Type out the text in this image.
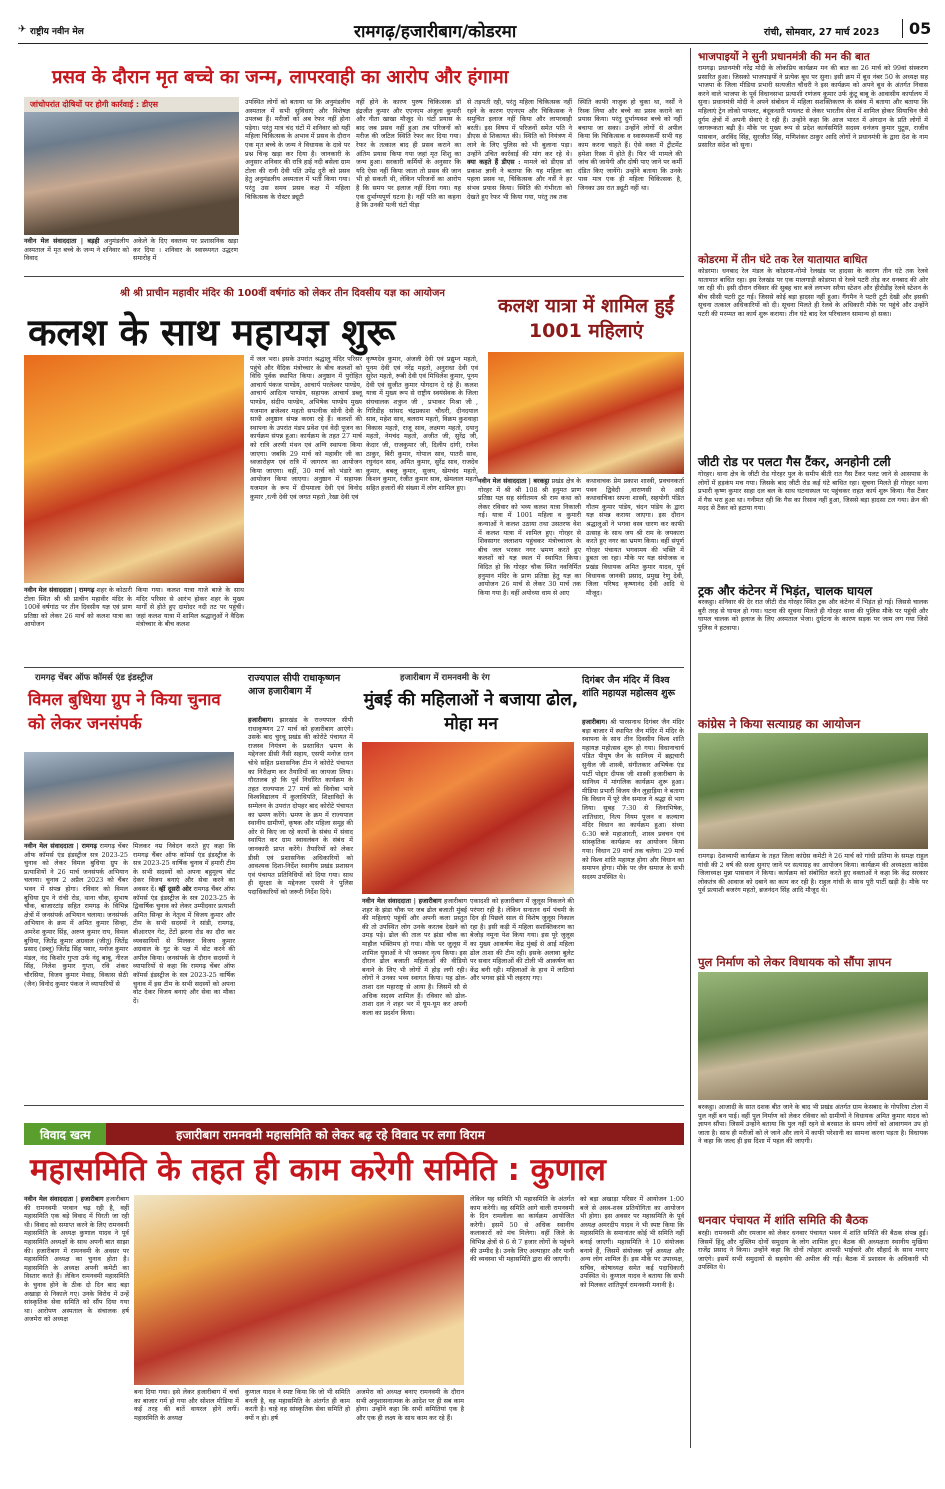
✈ राष्ट्रीय नवीन मेल	रामगढ़/हजारीबाग/कोडरमा	रांची, सोमवार, 27 मार्च 2023	05
प्रसव के दौरान मृत बच्चे का जन्म, लापरवाही का आरोप और हंगामा
जांचोपरांत दोषियों पर होगी कार्रवाई : डीएस
नवीन मेल संवाददाता | बड़ही अनुमंडलीय अस्पताल में मृत बच्चे के जन्म ने शनिवार को विवाद
अकेले के दिए वक्तव्य पर प्रशासनिक खड़ा कर दिया । शनिवार के स्वास्थ्यगत उद्धरण समारोह में
उपस्थित लोगों को बताया था कि अनुमंडलीय अस्पताल में सभी सुविधाएं और विशेषज्ञ उपलब्ध हैं। मरीजों को अब रेफर नहीं होना पड़ेगा। परंतु मात्र चंद घंटों में शनिवार को यहीं महिला चिकित्सक के अभाव में प्रसव के दौरान एक मृत बच्चे के जन्म ने विधायक के दावे पर प्रश्न चिन्ह खड़ा कर दिया है। जानकारी के अनुसार शनिवार की रात्रि हाई नदी बसेला ग्राम टोला की रानी देवी पति उपेंद्र दुरी को प्रसव हेतु अनुमंडलीय अस्पताल में भर्ती किया गया। परंतु उस समय प्रसव कक्ष में महिला चिकित्सक के रोस्टर ड्यूटी
नहीं होने के कारण पुरुष चिकित्सक डॉ इंद्रजीत कुमार और एएनएम अंजुला कुमारी और नीता खाखा मौजूद थे। घंटों प्रयास के बाद जब प्रसव नहीं हुआ तब परिजनों को मरीज की जटिल स्थिति रेफर कर दिया गया। रेफर के तत्काल बाद ही प्रसव कराने का अंतिम प्रयास किया गया जहां मृत शिशु का जन्म हुआ। सरकारी कर्मियों के अनुसार कि यदि ऐसा नहीं किया जाता तो प्रसव की जान भी हो सकती थी, लेकिन परिजनों का आरोप है कि समय पर इलाज नहीं दिया गया। यह एक दुर्भाग्यपूर्ण घटना है। नहीं पति का कहना है कि उनकी पत्नी घंटों पीड़ा
से तड़पती रही, परंतु महिला चिकित्सक नहीं रहने के कारण एएनएम और चिकित्सक ने समुचित इलाज नहीं किया और लापरवाही बरती। इस विषय में परिजनों समेत पति ने डीएस से शिकायत की। स्थिति को नियंत्रण में लाने के लिए पुलिस को भी बुलाना पड़ा। उन्होंने उचित कार्रवाई की मांग कर रहे थे। क्या कहते हैं डीएस : मामले को डीएस डॉ प्रकाश ज्ञानी ने बताया कि यह महिला का पहला प्रसव था, चिकित्सक और नर्सें ने हर संभव प्रयास किया। स्थिति की गंभीरता को देखते हुए रेफर भी किया गया, परंतु तब तक
स्थिति काफी नाजुक हो चुका था, नर्सों ने रिस्क लिया और बच्चे का प्रसव कराने का प्रयास किया। परंतु दुर्भाग्यवश बच्चे को नहीं बचाया जा सका। उन्होंने लोगों से अपील किया कि चिकित्सक व स्वास्थ्यकर्मी सभी यह काम करना चाहते हैं। ऐसे वक्त में ट्रीटमेंट हमेशा रिस्क में होते हैं। फिर भी मामले की जांच की जायेगी और दोषी पाए जाने पर कर्मी दंडित किए जायेंगे। उन्होंने बताया कि उनके पास मात्र एक ही महिला चिकित्सक है, जिनका उस रात ड्यूटी नहीं था।
श्री श्री प्राचीन महावीर मंदिर की 100वीं वर्षगांठ को लेकर तीन दिवसीय यज्ञ का आयोजन
कलश के साथ महायज्ञ शुरू
कलश यात्रा में शामिल हुईं 1001 महिलाएं
में जल भरा। इसके उपरांत श्रद्धालु मंदिर परिसर पहुंचे और वैदिक मंत्रोच्चार के बीच कलशों को विधि पूर्वक स्थापित किया। अनुष्ठान में पुरोहित आचार्य पंकज पाण्डेय, आचार्य परलेश्वर पाण्डेय, आचार्य आदित्य पाण्डेय, सहायक आचार्य डब्लू पाण्डेय, संदीप पाण्डेय, अभिषेक पाण्डेय मुख्य यजमान ब्रजेश्वर महतो सपत्नीक सोनी देवी के साथी अनुष्ठान संपन्न करवा रहे हैं। कलशों की स्थापना के उपरांत मंडप प्रवेश एवं वेदी पूजन का कार्यक्रम संपन्न हुआ। कार्यक्रम के तहत 27 मार्च को रात्रि अरणी मंथन एवं अग्नि स्थापना किया जाएगा। जबकि 29 मार्च को महावीर जी का ध्वजारोहण एवं रात्रि में जागरण का आयोजन किया जाएगा। वहीं, 30 मार्च को भंडारे का आयोजन किया जाएगा। अनुष्ठान में सहायक यजमान के रूप में दीपमाला देवी एवं विनोद कुमार ,रत्नी देवी एवं जगत महतो ,रेखा देवी एवं
कृष्णदेव कुमार, अंजली देवी एवं प्रद्युम्न महतो, पूनम देवी एवं नरेंद्र महतो, अनुराधा देवी एवं सुरेश महतो, रूबी देवी एवं मिथिलेश कुमार, पूनम देवी एवं सुजीत कुमार योगदान दे रहे हैं। कलश यात्रा में मुख्य रूप से राष्ट्रीय स्वयंसेवक के जिला संघचालक शत्रुघ्न जी , प्रभाकर मिश्रा जी , गिरिडीह सांसद चंद्रप्रकाश चौधरी, दीनदयाल साव, महेश साव, बलराम महतो, विक्रम कुशवाहा विकास महतो, राजू साव, लक्ष्मण महतो, दयानु महतो, नेमचंद महतो, अजीत जी, सुरेंद्र जी, केदार जी, राजकुमार जी, दिलीप दांगी, रानेश ठाकुर, बिरी कुमार, गोपाल साव, पातरी साव, रघुनंदन साव, अमित कुमार, सुरेंद्र साव, राजदेव कुमार, बबलू कुमार, सुजय, खेमचंद महतो, किशन कुमार, रंजीत कुमार साव, खेमलाल महतो सहित हजारों की संख्या में लोग शामिल हुए।
नवीन मेल संवाददाता | रामगढ़ शहर के कोठारी टोला स्थित श्री श्री प्राचीन महावीर मंदिर के 100वें वर्षगांठ पर तीन दिवसीय यज्ञ एवं प्राण प्रतिष्ठा को लेकर 26 मार्च को कलश यात्रा का आयोजन
किया गया। कलश यात्रा गाजे बाजे के साथ मंदिर परिसर से आरंभ होकर शहर के मुख्य मार्गों से होते हुए दामोदर नदी तट पर पहुंची। जहां कलश यात्रा में शामिल श्रद्धालुओं ने वैदिक मंत्रोच्चार के बीच कलश
नवीन मेल संवाददाता | बरकट्ठा प्रखंड क्षेत्र के गोरहर में श्री श्री 108 श्री हनुमत प्राण प्रतिष्ठा यज्ञ सह संगीतमय श्री राम कथा को लेकर रविवार को भव्य कलश यात्रा निकाली गई। यात्रा में 1001 महिला व कुमारी कन्याओं ने कलश उठाया तथा उसतरफ वेश में कलश यात्रा में शामिल हुए। गोरहर से शिवसागर जलाशय पहुंचकर मंत्रोच्चारण के बीच जल भरकर नगर भ्रमण करते हुए कलशों को यज्ञ स्थल में स्थापित किया। विदित हो कि गोरहर चौक स्थित नवनिर्मित हनुमान मंदिर के प्राण प्रतिष्ठा हेतु यज्ञ का आयोजन 26 मार्च से लेकर 30 मार्च तक किया गया है। वहीं अयोध्या धाम से आए
कथावाचक प्रेम प्रकाश शास्त्री, प्रवचनकर्ता पवन द्विवेदी ,वाराणसी से आई कथावाचिका सपना शास्त्री, सहयोगी पंडित गौतम कुमार पांडेय, चंदन पांडेय के द्वारा यज्ञ संपन्न कराया जाएगा। इस दौरान श्रद्धालुओं ने भगवा वस्त्र धारण कर काफी उत्साह के साथ जय श्री राम के जयकारा करते हुए नगर का भ्रमण किया। वहीं संपूर्ण गोरहर पंचायत भगवामय की भक्ति में डूबता जा रहा। मौके पर यज्ञ संयोजक व प्रखंड विधायक अमित कुमार यादव, पूर्व विधायक जानकी प्रसाद, प्रमुख रेणु देवी, जिला परिषद कृष्णानंद देवी आदि थे मौजूद।
रामगढ़ चेंबर ऑफ कॉमर्स एंड इंडस्ट्रीज
विमल बुधिया ग्रुप ने किया चुनाव को लेकर जनसंपर्क
नवीन मेल संवाददाता | रामगढ़ रामगढ़ चेंबर ऑफ कॉमर्स एंड इंडस्ट्रीज सत्र 2023-25 चुनाव को लेकर विमल बुधिया ग्रुप के प्रत्याशियों ने 26 मार्च जनसंपर्क अभियान चलाया। चुनाव 2 अप्रैल 2023 को चैंबर भवन में संपन्न होगा। रविवार को विमल बुधिया ग्रुप ने रांची रोड, थाना चौक, सुभाष चौक, बाजारटांड़ सहित रामगढ़ के विभिन्न क्षेत्रों में जनसंपर्क अभियान चलाया। जनसंपर्क अभियान के क्रम में अमित कुमार सिन्हा, अमरेश कुमार सिंह, अरुण कुमार राय, विमल बुधिया, जितेंद्र कुमार अग्रवाल (जीतू) जितेंद्र प्रसाद (डब्लू) जितेंद्र सिंह पवार, मनोज कुमार मंडल, नंद किशोर गुप्ता उर्फ नंदू बाबू, नीरज सिंह, निलेश कुमार गुप्ता, रवि शंकर चौरसिया, विजय कुमार मेवाड़, विकास सेठी (जैन) विनोद कुमार पंकज ने व्यापारियों से
मिलकर नम्र निवेदन करते हुए कहा कि रामगढ़ चैंबर ऑफ कॉमर्स एंड इंडस्ट्रीज के सत्र 2023-25 वार्षिक चुनाव में हमारी टीम के सभी सदस्यों को अपना बहुमूल्य वोट देकर विजय बनाएं और सेवा करने का अवसर दें। व्हीं दूसरी ओर रामगढ़ चैंबर ऑफ कॉमर्स एंड इंडस्ट्रीज के सत्र 2023-25 के द्विवार्षिक चुनाव को लेकर उम्मीदवार प्रत्याशी अमित सिन्हा के नेतृत्व में विजय कुमार और टीम के सभी सदस्यों ने सांडी, रामगढ़, बीआरएन गेट, टेंटों झरना रोड का दौरा कर व्यवसायियों से मिलकर विजय कुमार अग्रवाल के गुट के पक्ष में वोट करने की अपील किया। जनसंपर्क के दौरान सदस्यों ने व्यापारियों से कहा कि रामगढ़ चेंबर ऑफ कॉमर्स इंडस्ट्रीज के सत्र 2023-25 वार्षिक चुनाव में इस टीम के सभी सदस्यों को अपना वोट देकर विजय बनाएं और सेवा का मौका दें।
राज्यपाल सीपी राधाकृष्णन आज हजारीबाग में
हजारीबाग। झारखंड के राज्यपाल सीपी राधाकृष्णन 27 मार्च को हजारीबाग आएंगे। उसके बाद चुरचू प्रखंड की कोरोटे पंचायत में राजस्व नियंत्रण के प्रस्तावित भ्रमण के मद्देनजर डीसी नैंसी सहाय, एसपी मनोज रतन चोथे सहित प्रशासनिक टीम ने कोरोटे पंचायत का निरीक्षण कर तैयारियों का जायजा लिया। गौरतलब हो कि पूर्व निर्धारित कार्यक्रम के तहत राज्यपाल 27 मार्च को विनोबा भावे विश्वविद्यालय में कुलाधिपति, शिक्षाविदों के सम्मेलन के उपरांत दोपहर बाद कोरोटे पंचायत का भ्रमण करेंगे। भ्रमण के क्रम में राज्यपाल स्थानीय ग्रामीणों, कृषक और महिला समूह की ओर से किए जा रहे कार्यों के संबंध में संवाद स्थापित कर ग्राम स्वावलंबन के संबंध में जानकारी प्राप्त करेंगे। तैयारियों को लेकर डीसी एवं प्रशासनिक अधिकारियों को आवश्यक दिशा-निर्देश स्थानीय प्रखंड प्रशासन एवं पंचायत प्रतिनिधियों को दिया गया। साथ ही सुरक्षा के मद्देनजर एसपी ने पुलिस पदाधिकारियों को जरूरी निर्देश दिये।
हजारीबाग में रामनवमी के रंग
मुंबई की महिलाओं ने बजाया ढोल, मोहा मन
नवीन मेल संवाददाता | हजारीबाग हजारीबाग शहर के झंडा चौक पर जब ढोल बजाती मुंबई की महिलाएं पहुंचीं और अपनी कला प्रस्तुत की तो उपस्थित लोग उनके करतब देखने को उमड़ पड़े। ढोल की ताल पर झंडा चौक का माहौल भक्तिमय हो गया। मौके पर जुलूस में शामिल युवाओं ने भी जमकर नृत्य किया। इस दौरान ढोल बजाती महिलाओं की वीडियो बनाने के लिए भी लोगों में होड़ लगी रही। लोगों ने उनका भव्य स्वागत किया। यह ढोल-ताशा दल महाराष्ट्र से आया है। जिसमें सौ से अधिक सदस्य शामिल हैं। रविवार को ढोल-ताशा दल ने शहर भर में घूम-घूम कर अपनी कला का प्रदर्शन किया।
एकादशी को हजारीबाग में जुलूस निकलने की परंपरा रही है। लेकिन सनातन धर्म पंचमी के दिन ही पिछले साल से विशेष जुलूस निकाल रहा है। इसी कड़ी में महिला सशक्तिकरण का बेजोड़ नमूना पेश किया गया। इस पूरे जुलूस का मुख्य आकर्षण केंद्र मुंबई से आई महिला ढोल ताशा की टीम रही। इसके अलावा बुलेट पर सवार महिलाओं की टोली भी आकर्षण का केंद्र बनी रही। महिलाओं के हाथ में लाठियां और भगवा झंडे भी लहराए गए।
दिगंबर जैन मंदिर में विश्व शांति महायज्ञ महोत्सव शुरू
हजारीबाग। श्री पारसनाथ दिगंबर जैन मंदिर बड़ा बाजार में स्थापित जैन मंदिर में मंदिर के स्थापना के साथ तीन दिवसीय विश्व शांति महायज्ञ महोत्सव शुरू हो गया। विधानाचार्य पंडित पीयूष जैन के सानिध्य में ब्रह्मचारी सुनील जी शास्त्री, संगीतकार अभिषेक एंड पार्टी पोद्दार दीपक जी शास्त्री हजारीबाग के सानिध्य में मांगलिक कार्यक्रम शुरू हुआ। मीडिया प्रभारी विजय जैन लुहाड़िया ने बताया कि विधान में पूरे जैन समाज ने श्रद्धा से भाग लिया। सुबह 7:30 से जिनाभिषेक, शांतिधारा, नित्य नियम पूजन व कल्याण मंदिर विधान का कार्यक्रम हुआ। संध्या 6:30 बजे महाआरती, शास्त्र प्रवचन एवं सांस्कृतिक कार्यक्रम का आयोजन किया गया। विधान 29 मार्च तक चलेगा। 29 मार्च को विश्व शांति महायज्ञ होगा और विधान का समापन होगा। मौके पर जैन समाज के सभी सदस्य उपस्थित थे।
विवाद खत्म	हजारीबाग रामनवमी महासमिति को लेकर बढ़ रहे विवाद पर लगा विराम
महासमिति के तहत ही काम करेगी समिति : कुणाल
नवीन मेल संवाददाता | हजारीबाग हजारीबाग की रामनवमी परवान चढ़ रही है, वहीं महासमिति एक बड़े विवाद में घिरती जा रही थी। विवाद को समाप्त करने के लिए रामनवमी महासमिति के अध्यक्ष कुणाल यादव ने पूर्व महासमिति अध्यक्षों के साथ अपनी बात साझा की। हजारीबाग में रामनवमी के अवसर पर महासमिति अध्यक्ष का चुनाव होता है। महासमिति के अध्यक्ष अपनी कमेटी का विस्तार करते हैं। लेकिन रामनवमी महासमिति के चुनाव होने के ठीक दो दिन बाद बड़ा अखाड़ा से निकाले गए। उनके विरोध में उन्हें सांस्कृतिक सेवा समिति को सौंप दिया गया था। आरोपण अस्पताल के संचालक हर्ष अजमेरा को अध्यक्ष
बना दिया गया। इसे लेकर हजारीबाग में चर्चा का बाजार गर्म हो गया और सोशल मीडिया में कई तरह की बातें वायरल होने लगीं। महासमिति के अध्यक्ष
कुणाल यादव ने स्पष्ट किया कि जो भी समिति बनती है, वह महासमिति के अंतर्गत ही काम करती है। चाहे वह सांस्कृतिक सेवा समिति हो क्यों न हो। हर्ष
अजमेरा को अध्यक्ष बनाए रामनवमी के दौरान सभी अनुशासनात्मक के आदेश पर ही सब काम होगा। उन्होंने कहा कि सभी समितियां एक है और एक ही लक्ष्य के साथ काम कर रहे हैं।
लेकिन यह समिति भी महासमिति के अंतर्गत काम करेगी। वह समिति आगे वाली रामनवमी के दिन रामलीला का कार्यक्रम आयोजित करेगी। इसमें 50 से अधिक स्थानीय कलाकारों को मंच मिलेगा। वहीं जिले के विभिन्न क्षेत्रों से 6 से 7 हजार लोगों के पहुंचने की उम्मीद है। उनके लिए अल्पाहार और पानी की व्यवस्था भी महासमिति द्वारा की जाएगी।
को बड़ा अखाड़ा परिसर में आयोजन 1:00 बजे से अस्त्र-शस्त्र प्रतियोगिता का आयोजन भी होगा। इस अवसर पर महासमिति के पूर्व अध्यक्ष अमरदीप यादव ने भी स्पष्ट किया कि महासमिति के समानांतर कोई भी समिति नहीं बनाई जाएगी। महासमिति ने 10 संयोजक बनाये हैं, जिसमें संयोजक पूर्व अध्यक्ष और अन्य लोग शामिल हैं। इस मौके पर उपाध्यक्ष, सचिव, कोषाध्यक्ष समेत कई पदाधिकारी उपस्थित थे। कुणाल यादव ने बताया कि सभी को मिलकर शांतिपूर्ण रामनवमी मनानी है।
भाजपाइयों ने सुनी प्रधानमंत्री की मन की बात
रामगढ़। प्रधानमंत्री नरेंद्र मोदी के लोकप्रिय कार्यक्रम मन की बात का 26 मार्च को 99वां संस्करण प्रसारित हुआ। जिसको भाजपाइयों ने प्रत्येक बूथ पर सुना। इसी क्रम में बूथ नंबर 50 के अध्यक्ष सह भाजपा के जिला मीडिया प्रभारी सत्यजीत चौधरी ने इस कार्यक्रम को अपने बूथ के अंतर्गत निवास करने वाले भाजपा के पूर्व विधानसभा प्रत्याशी रणंजय कुमार उर्फ कुंटू बाबू के आवासीय कार्यालय में सुना। प्रधानमंत्री मोदी ने अपने संबोधन में महिला सशक्तिकरण के संबंध में बताया और बताया कि महिलाएं ट्रेन लोको पायलट, बंदूकधारी पायलट से लेकर भारतीय सेना में शामिल होकर सियाचिन जैसे दुर्गम क्षेत्रों में अपनी सेवाएं दे रही हैं। उन्होंने कहा कि आज भारत में अंगदान के प्रति लोगों में जागरूकता बढ़ी है। मौके पर मुख्य रूप से प्रदेश कार्यसमिति सदस्य धनंजय कुमार पुटूस, राजीव पासवान, अरविंद सिंह, सुरजीत सिंह, मणिशंकर ठाकुर आदि लोगों ने प्रधानमंत्री के द्वारा देश के नाम प्रसारित संदेश को सुना।
कोडरमा में तीन घंटे तक रेल यातायात बाधित
कोडरमा। धनबाद रेल मंडल के कोडरमा-गोमो रेलखंड पर हादसा के कारण तीन घंटे तक रेलवे यातायात बाधित रहा। इस रेलखंड पर एक मालगाड़ी कोडरमा से रेलवे पटरी तोड़ कर धनबाद की ओर जा रही थी। इसी दौरान रविवार की सुबह चार बजे लगभग सरैया स्टेशन और हीरोडीह रेलवे स्टेशन के बीच सीसी पटरी टूट गई। जिससे कोई बड़ा हादसा नहीं हुआ। गैंगमैन ने पटरी टूटी देखी और इसकी सूचना तत्काल अधिकारियों को दी। सूचना मिलते ही रेलवे के अधिकारी मौके पर पहुंचे और उन्होंने पटरी की मरम्मत का कार्य शुरू कराया। तीन घंटे बाद रेल परिचालन सामान्य हो सका।
जीटी रोड पर पलटा गैस टैंकर, अनहोनी टली
गोरहर। थाना क्षेत्र के जीटी रोड गोरहर पुल के समीप बीती रात गैस टैंकर पलट जाने से आसपास के लोगों में हड़कंप मच गया। जिसके बाद जीटी रोड कई घंटे बाधित रहा। सूचना मिलते ही गोरहर थाना प्रभारी कृष्ण कुमार साहा दल बल के साथ घटनास्थल पर पहुंचकर राहत कार्य शुरू किया। गैस टैंकर में गैस भरा हुआ था। गनीमत रही कि गैस का रिसाव नहीं हुआ, जिससे बड़ा हादसा टल गया। क्रेन की मदद से टैंकर को हटाया गया।
ट्रक और कंटेनर में भिड़ंत, चालक घायल
बरकट्ठा। शनिवार की देर रात जीटी रोड गोरहर स्थित ट्रक और कंटेनर में भिड़ंत हो गई। जिससे चालक बुरी तरह से घायल हो गया। घटना की सूचना मिलते ही गोरहर थाना की पुलिस मौके पर पहुंची और घायल चालक को इलाज के लिए अस्पताल भेजा। दुर्घटना के कारण सड़क पर जाम लग गया जिसे पुलिस ने हटवाया।
कांग्रेस ने किया सत्याग्रह का आयोजन
रामगढ़। देशव्यापी कार्यक्रम के तहत जिला कांग्रेस कमेटी ने 26 मार्च को गांधी प्रतिमा के समक्ष राहुल गांधी की 2 वर्ष की सजा सुनाए जाने पर सत्याग्रह का आयोजन किया। कार्यक्रम की अध्यक्षता कांग्रेस जिलाध्यक्ष मुन्ना पासवान ने किया। कार्यक्रम को संबोधित करते हुए वक्ताओं ने कहा कि केंद्र सरकार लोकतंत्र की आवाज को दबाने का काम कर रही है। राहुल गांधी के साथ पूरी पार्टी खड़ी है। मौके पर पूर्व प्रत्याशी बजरंग महतो, ब्रजनंदन सिंह आदि मौजूद थे।
पुल निर्माण को लेकर विधायक को सौंपा ज्ञापन
बरकट्ठा। आजादी के सात दशक बीत जाने के बाद भी प्रखंड अंतर्गत ग्राम केसबाद के गोपरिया टोला में पुल नहीं बन पाई। वहीं पुल निर्माण को लेकर रविवार को ग्रामीणों ने विधायक अमित कुमार यादव को ज्ञापन सौंपा। जिसमें उन्होंने बताया कि पुल नहीं रहने से बरसात के समय लोगों को आवागमन उप हो जाता है। साथ ही मरीजों को ले जाने और लाने में काफी परेशानी का सामना करना पड़ता है। विधायक ने कहा कि जल्द ही इस दिशा में पहल की जाएगी।
धनवार पंचायत में शांति समिति की बैठक
बरही। रामनवमी और रमजान को लेकर धनवार पंचायत भवन में शांति समिति की बैठक संपन्न हुई। जिसमें हिंदू और मुस्लिम दोनों समुदाय के लोग शामिल हुए। बैठक की अध्यक्षता स्थानीय मुखिया राजेंद्र प्रसाद ने किया। उन्होंने कहा कि दोनों त्योहार आपसी भाईचारे और सौहार्द के साथ मनाए जाएंगे। इसमें सभी समुदायों से सहयोग की अपील की गई। बैठक में प्रशासन के अधिकारी भी उपस्थित थे।
